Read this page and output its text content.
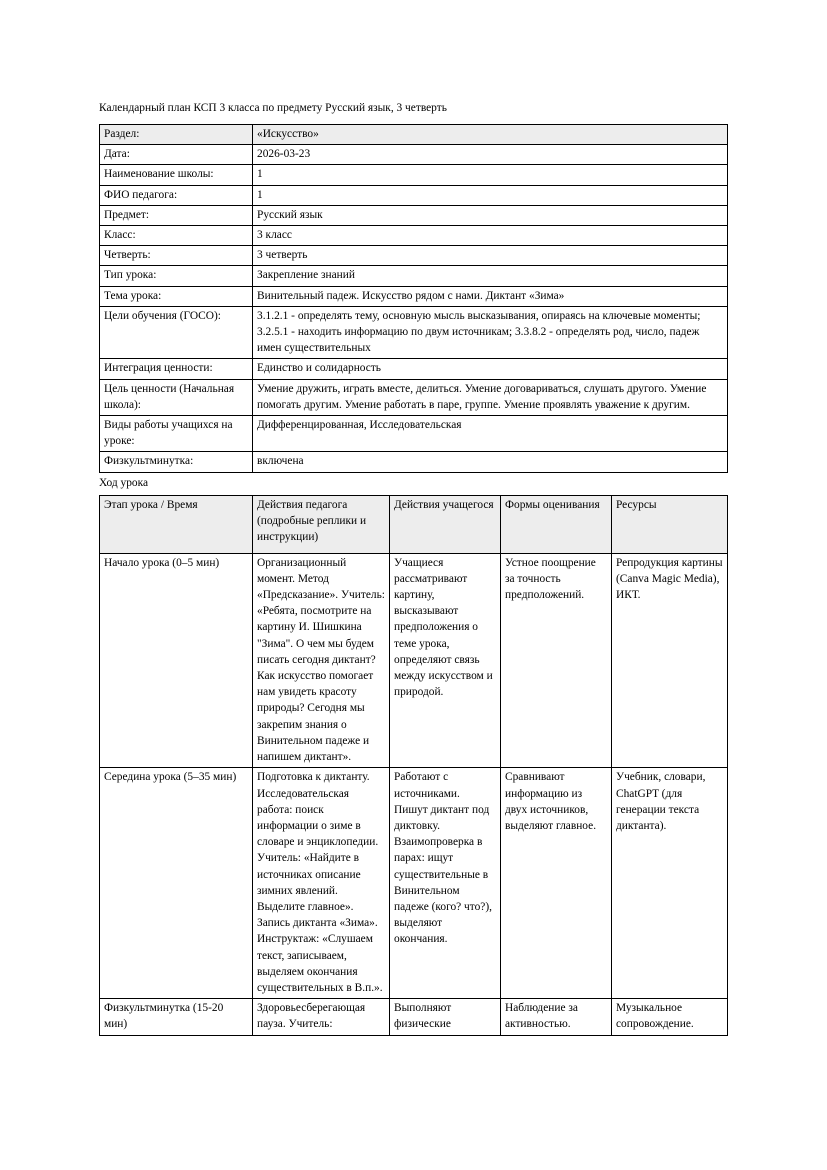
Календарный план КСП 3 класса по предмету Русский язык, 3 четверть

Раздел:	«Искусство»
Дата:	2026-03-23
Наименование школы:	1
ФИО педагога:	1
Предмет:	Русский язык
Класс:	3 класс
Четверть:	3 четверть
Тип урока:	Закрепление знаний
Тема урока:	Винительный падеж. Искусство рядом с нами. Диктант «Зима»
Цели обучения (ГОСО):	3.1.2.1 - определять тему, основную мысль высказывания, опираясь на ключевые моменты; 3.2.5.1 - находить информацию по двум источникам; 3.3.8.2 - определять род, число, падеж имен существительных
Интеграция ценности:	Единство и солидарность
Цель ценности (Начальная школа):	Умение дружить, играть вместе, делиться. Умение договариваться, слушать другого. Умение помогать другим. Умение работать в паре, группе. Умение проявлять уважение к другим.
Виды работы учащихся на уроке:	Дифференцированная, Исследовательская
Физкультминутка:	включена

Ход урока

Этап урока / Время	Действия педагога (подробные реплики и инструкции)	Действия учащегося	Формы оценивания	Ресурсы
Начало урока (0–5 мин)	Организационный момент. Метод «Предсказание». Учитель: «Ребята, посмотрите на картину И. Шишкина "Зима". О чем мы будем писать сегодня диктант? Как искусство помогает нам увидеть красоту природы? Сегодня мы закрепим знания о Винительном падеже и напишем диктант».	Учащиеся рассматривают картину, высказывают предположения о теме урока, определяют связь между искусством и природой.	Устное поощрение за точность предположений.	Репродукция картины (Canva Magic Media), ИКТ.
Середина урока (5–35 мин)	Подготовка к диктанту. Исследовательская работа: поиск информации о зиме в словаре и энциклопедии. Учитель: «Найдите в источниках описание зимних явлений. Выделите главное». Запись диктанта «Зима». Инструктаж: «Слушаем текст, записываем, выделяем окончания существительных в В.п.».	Работают с источниками. Пишут диктант под диктовку. Взаимопроверка в парах: ищут существительные в Винительном падеже (кого? что?), выделяют окончания.	Сравнивают информацию из двух источников, выделяют главное.	Учебник, словари, ChatGPT (для генерации текста диктанта).
Физкультминутка (15-20 мин)	Здоровьесберегающая пауза. Учитель:	Выполняют физические	Наблюдение за активностью.	Музыкальное сопровождение.
